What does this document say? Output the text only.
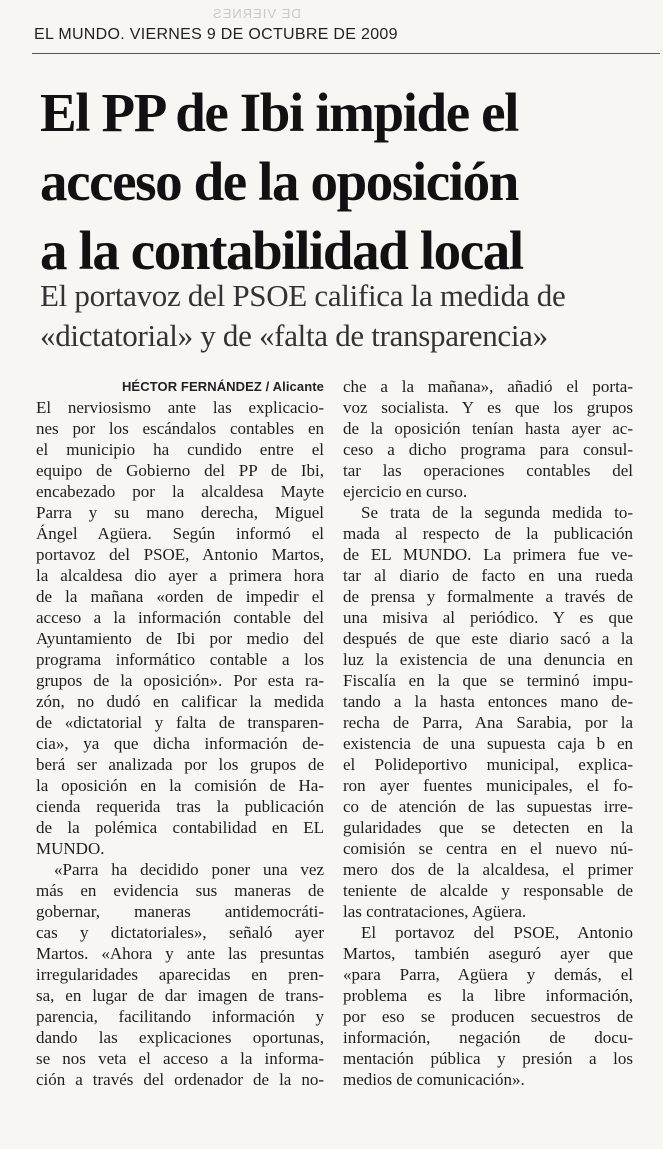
DE VIERNES
EL MUNDO. VIERNES 9 DE OCTUBRE DE 2009
El PP de Ibi impide el
acceso de la oposición
a la contabilidad local
El portavoz del PSOE califica la medida de
«dictatorial» y de «falta de transparencia»
HÉCTOR FERNÁNDEZ / Alicante
El nerviosismo ante las explicacio-
nes por los escándalos contables en
el municipio ha cundido entre el
equipo de Gobierno del PP de Ibi,
encabezado por la alcaldesa Mayte
Parra y su mano derecha, Miguel
Ángel Agüera. Según informó el
portavoz del PSOE, Antonio Martos,
la alcaldesa dio ayer a primera hora
de la mañana «orden de impedir el
acceso a la información contable del
Ayuntamiento de Ibi por medio del
programa informático contable a los
grupos de la oposición». Por esta ra-
zón, no dudó en calificar la medida
de «dictatorial y falta de transparen-
cia», ya que dicha información de-
berá ser analizada por los grupos de
la oposición en la comisión de Ha-
cienda requerida tras la publicación
de la polémica contabilidad en EL
MUNDO.
«Parra ha decidido poner una vez
más en evidencia sus maneras de
gobernar, maneras antidemocráti-
cas y dictatoriales», señaló ayer
Martos. «Ahora y ante las presuntas
irregularidades aparecidas en pren-
sa, en lugar de dar imagen de trans-
parencia, facilitando información y
dando las explicaciones oportunas,
se nos veta el acceso a la informa-
ción a través del ordenador de la no-
che a la mañana», añadió el porta-
voz socialista. Y es que los grupos
de la oposición tenían hasta ayer ac-
ceso a dicho programa para consul-
tar las operaciones contables del
ejercicio en curso.
Se trata de la segunda medida to-
mada al respecto de la publicación
de EL MUNDO. La primera fue ve-
tar al diario de facto en una rueda
de prensa y formalmente a través de
una misiva al periódico. Y es que
después de que este diario sacó a la
luz la existencia de una denuncia en
Fiscalía en la que se terminó impu-
tando a la hasta entonces mano de-
recha de Parra, Ana Sarabia, por la
existencia de una supuesta caja b en
el Polideportivo municipal, explica-
ron ayer fuentes municipales, el fo-
co de atención de las supuestas irre-
gularidades que se detecten en la
comisión se centra en el nuevo nú-
mero dos de la alcaldesa, el primer
teniente de alcalde y responsable de
las contrataciones, Agüera.
El portavoz del PSOE, Antonio
Martos, también aseguró ayer que
«para Parra, Agüera y demás, el
problema es la libre información,
por eso se producen secuestros de
información, negación de docu-
mentación pública y presión a los
medios de comunicación».
